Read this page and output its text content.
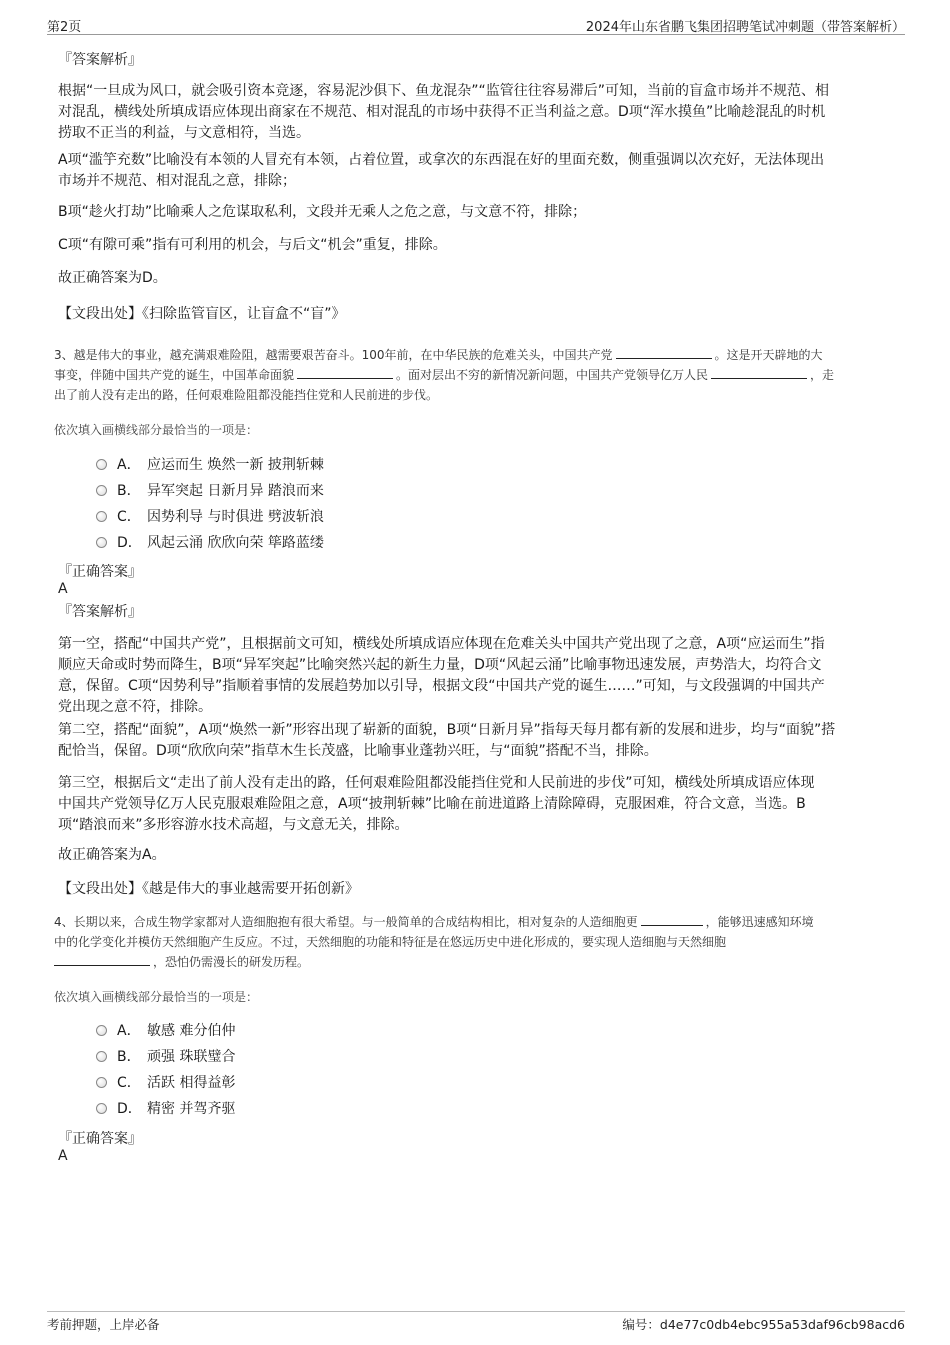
第2页	2024年山东省鹏飞集团招聘笔试冲刺题（带答案解析）
『答案解析』
根据“一旦成为风口，就会吸引资本竞逐，容易泥沙俱下、鱼龙混杂”“监管往往容易滞后”可知，当前的盲盒市场并不规范、相
对混乱，横线处所填成语应体现出商家在不规范、相对混乱的市场中获得不正当利益之意。D项“浑水摸鱼”比喻趁混乱的时机
捞取不正当的利益，与文意相符，当选。
A项“滥竽充数”比喻没有本领的人冒充有本领，占着位置，或拿次的东西混在好的里面充数，侧重强调以次充好，无法体现出
市场并不规范、相对混乱之意，排除；
B项“趁火打劫”比喻乘人之危谋取私利，文段并无乘人之危之意，与文意不符，排除；
C项“有隙可乘”指有可利用的机会，与后文“机会”重复，排除。
故正确答案为D。
【文段出处】《扫除监管盲区，让盲盒不“盲”》
3、越是伟大的事业，越充满艰难险阻，越需要艰苦奋斗。100年前，在中华民族的危难关头，中国共产党	。这是开天辟地的大
事变，伴随中国共产党的诞生，中国革命面貌	。面对层出不穷的新情况新问题，中国共产党领导亿万人民	，走
出了前人没有走出的路，任何艰难险阻都没能挡住党和人民前进的步伐。
依次填入画横线部分最恰当的一项是：
A． 应运而生 焕然一新 披荆斩棘
B． 异军突起 日新月异 踏浪而来
C． 因势利导 与时俱进 劈波斩浪
D． 风起云涌 欣欣向荣 筚路蓝缕
『正确答案』
A
『答案解析』
第一空，搭配“中国共产党”，且根据前文可知，横线处所填成语应体现在危难关头中国共产党出现了之意，A项“应运而生”指
顺应天命或时势而降生，B项“异军突起”比喻突然兴起的新生力量，D项“风起云涌”比喻事物迅速发展，声势浩大，均符合文
意，保留。C项“因势利导”指顺着事情的发展趋势加以引导，根据文段“中国共产党的诞生……”可知，与文段强调的中国共产
党出现之意不符，排除。
第二空，搭配“面貌”，A项“焕然一新”形容出现了崭新的面貌，B项“日新月异”指每天每月都有新的发展和进步，均与“面貌”搭
配恰当，保留。D项“欣欣向荣”指草木生长茂盛，比喻事业蓬勃兴旺，与“面貌”搭配不当，排除。
第三空，根据后文“走出了前人没有走出的路，任何艰难险阻都没能挡住党和人民前进的步伐”可知，横线处所填成语应体现
中国共产党领导亿万人民克服艰难险阻之意，A项“披荆斩棘”比喻在前进道路上清除障碍，克服困难，符合文意，当选。B
项“踏浪而来”多形容游水技术高超，与文意无关，排除。
故正确答案为A。
【文段出处】《越是伟大的事业越需要开拓创新》
4、长期以来，合成生物学家都对人造细胞抱有很大希望。与一般简单的合成结构相比，相对复杂的人造细胞更	，能够迅速感知环境
中的化学变化并模仿天然细胞产生反应。不过，天然细胞的功能和特征是在悠远历史中进化形成的，要实现人造细胞与天然细胞
，恐怕仍需漫长的研发历程。
依次填入画横线部分最恰当的一项是：
A． 敏感 难分伯仲
B． 顽强 珠联璧合
C． 活跃 相得益彰
D． 精密 并驾齐驱
『正确答案』
A
考前押题，上岸必备	编号：d4e77c0db4ebc955a53daf96cb98acd6
